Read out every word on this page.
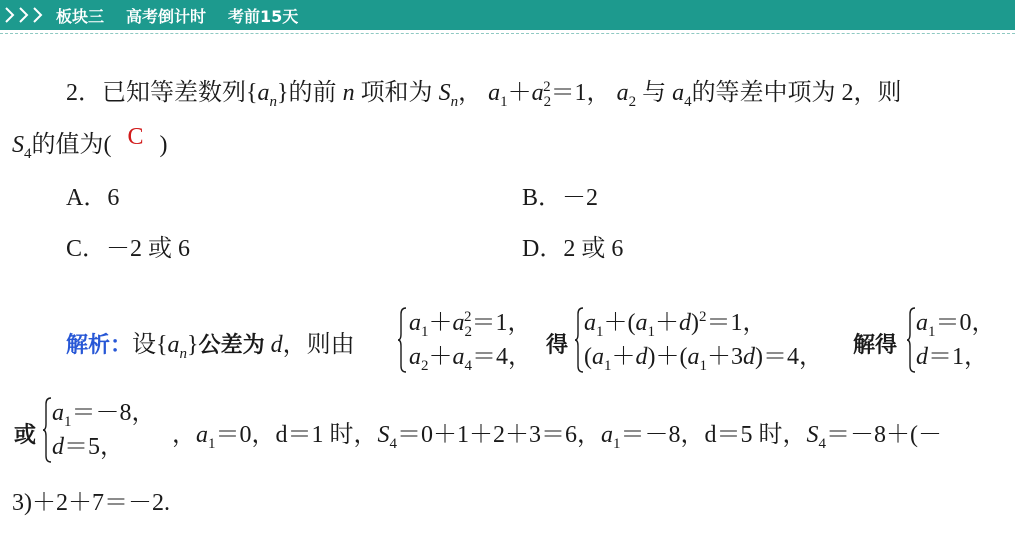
板块三 高考倒计时 考前15天
2．已知等差数列$\{a_n\}$的前 n 项和为 $S_n$， $a_1+a_2^2=1$， $a_2$ 与 $a_4$的等差中项为 2，则
$S_4$的值为( C )
A．6	B．－2
C．－2 或 6	D．2 或 6
解析：设$\{a_n\}$公差为 d，则由
$a_1+a_2^2=1$，
$a_2+a_4=4$， 得
$a_1+(a_1+d)^2=1$，
$(a_1+d)+(a_1+3d)=4$， 解得
$a_1=0$，
d＝1，
或
$a_1=-8$，
d＝5， ，$a_1=0$，d＝1 时，$S_4=0+1+2+3=6$，$a_1=-8$，d＝5 时，$S_4=-8+(-$
3)＋2＋7＝－2.
